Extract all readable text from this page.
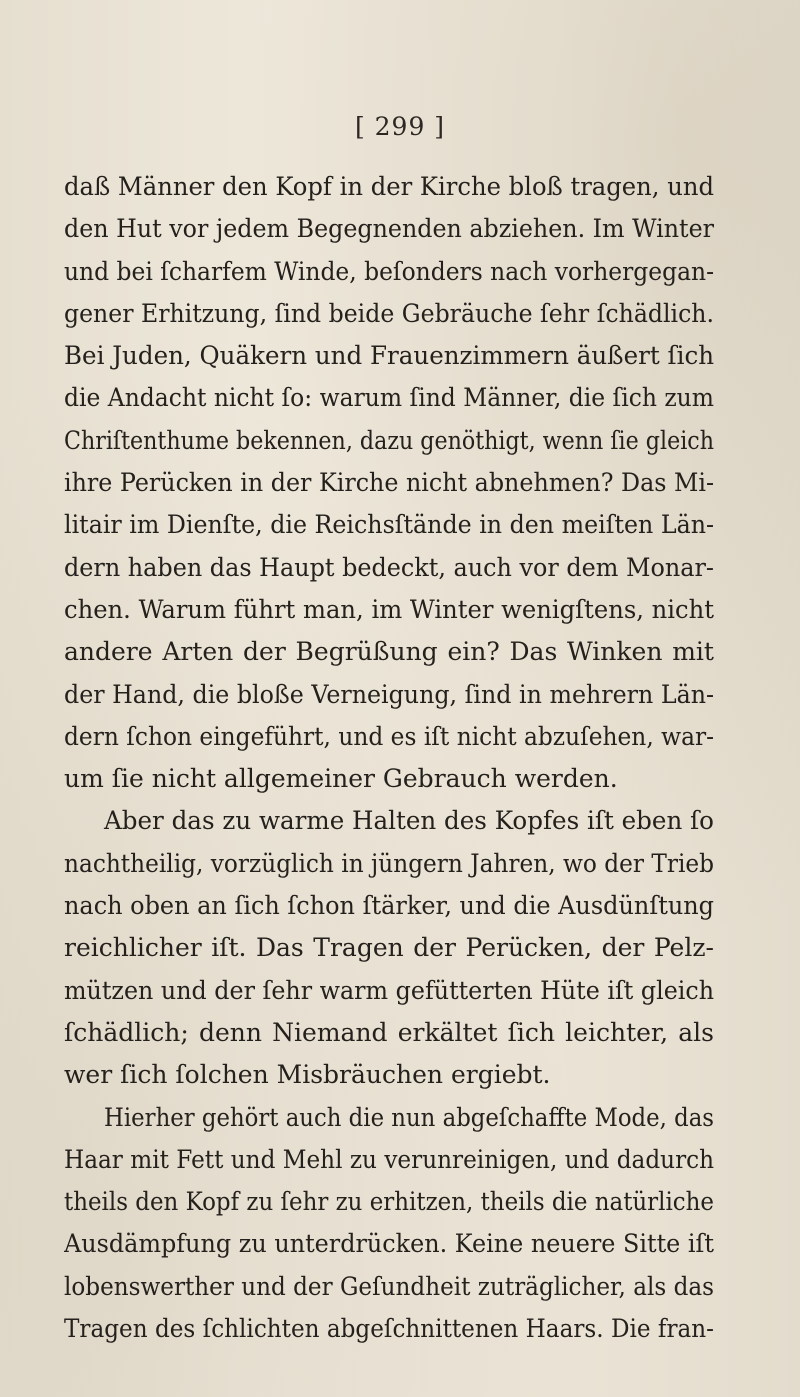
[ 299 ]
daß Männer den Kopf in der Kirche bloß tragen, und
den Hut vor jedem Begegnenden abziehen. Im Winter
und bei ſcharfem Winde, beſonders nach vorhergegan-
gener Erhitzung, ſind beide Gebräuche ſehr ſchädlich.
Bei Juden, Quäkern und Frauenzimmern äußert ſich
die Andacht nicht ſo: warum ſind Männer, die ſich zum
Chriſtenthume bekennen, dazu genöthigt, wenn ſie gleich
ihre Perücken in der Kirche nicht abnehmen? Das Mi-
litair im Dienſte, die Reichsſtände in den meiſten Län-
dern haben das Haupt bedeckt, auch vor dem Monar-
chen. Warum führt man, im Winter wenigſtens, nicht
andere Arten der Begrüßung ein? Das Winken mit
der Hand, die bloße Verneigung, ſind in mehrern Län-
dern ſchon eingeführt, und es iſt nicht abzuſehen, war-
um ſie nicht allgemeiner Gebrauch werden.
Aber das zu warme Halten des Kopfes iſt eben ſo
nachtheilig, vorzüglich in jüngern Jahren, wo der Trieb
nach oben an ſich ſchon ſtärker, und die Ausdünſtung
reichlicher iſt. Das Tragen der Perücken, der Pelz-
mützen und der ſehr warm gefütterten Hüte iſt gleich
ſchädlich; denn Niemand erkältet ſich leichter, als
wer ſich ſolchen Misbräuchen ergiebt.
Hierher gehört auch die nun abgeſchaffte Mode, das
Haar mit Fett und Mehl zu verunreinigen, und dadurch
theils den Kopf zu ſehr zu erhitzen, theils die natürliche
Ausdämpfung zu unterdrücken. Keine neuere Sitte iſt
lobenswerther und der Geſundheit zuträglicher, als das
Tragen des ſchlichten abgeſchnittenen Haars. Die fran-
